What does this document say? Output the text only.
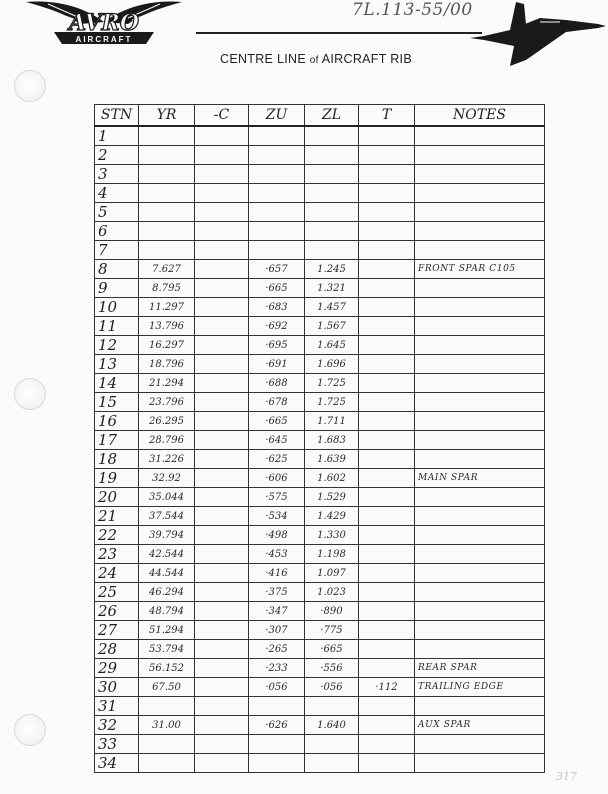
AVRO
AIRCRAFT
7L.113-55/00
CENTRE LINE of AIRCRAFT RIB
STN	YR	-C	ZU	ZL	T	NOTES
1						
2						
3						
4						
5						
6						
7						
8	7.627		·657	1.245		FRONT SPAR C105
9	8.795		·665	1.321		
10	11.297		·683	1.457		
11	13.796		·692	1.567		
12	16.297		·695	1.645		
13	18.796		·691	1.696		
14	21.294		·688	1.725		
15	23.796		·678	1.725		
16	26.295		·665	1.711		
17	28.796		·645	1.683		
18	31.226		·625	1.639		
19	32.92		·606	1.602		MAIN SPAR
20	35.044		·575	1.529		
21	37.544		·534	1.429		
22	39.794		·498	1.330		
23	42.544		·453	1.198		
24	44.544		·416	1.097		
25	46.294		·375	1.023		
26	48.794		·347	·890		
27	51.294		·307	·775		
28	53.794		·265	·665		
29	56.152		·233	·556		REAR SPAR
30	67.50		·056	·056	·112	TRAILING EDGE
31						
32	31.00		·626	1.640		AUX SPAR
33						
34						
317
